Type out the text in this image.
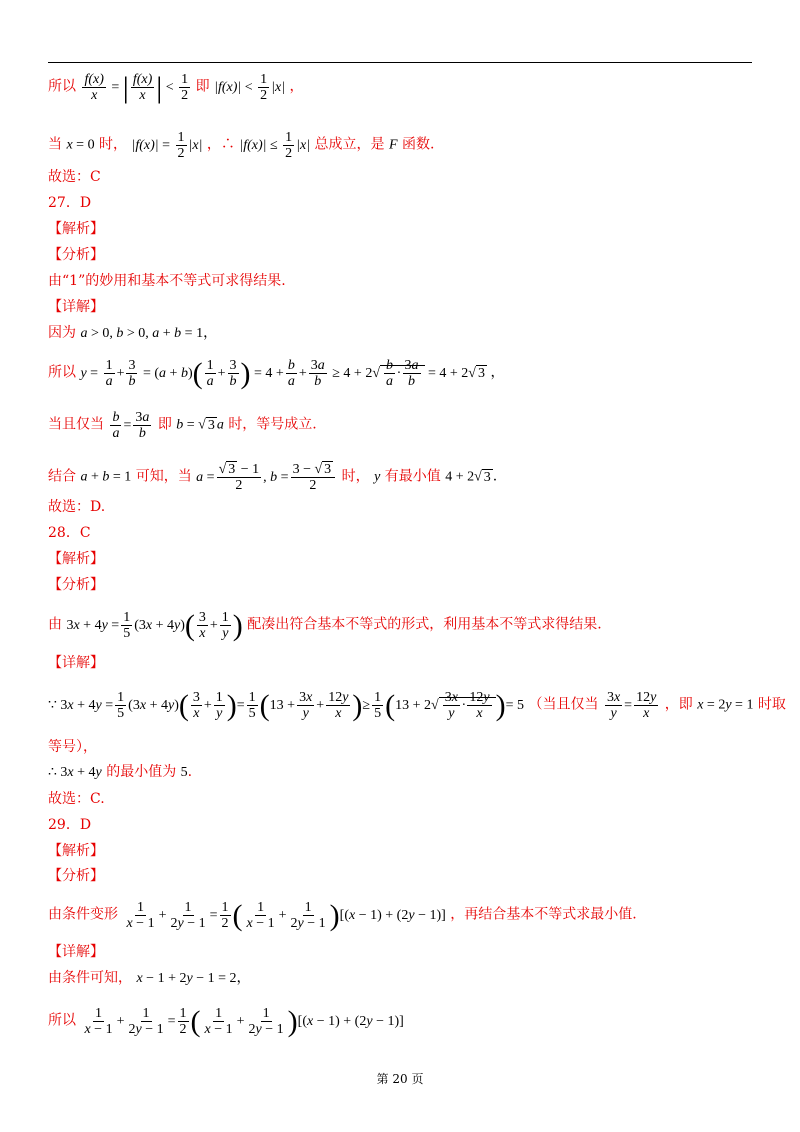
所以 $\frac{f(x)}{x}$ = | $\frac{f(x)}{x}$ | < $\frac{1}{2}$ 即 $|f(x)| < \frac{1}{2} |x|$ ，
当 x = 0 时， $|f(x)| = \frac{1}{2} |x|$ ，∴ $|f(x)| \le \frac{1}{2} |x|$ 总成立，是 F 函数.
故选：C
27．D
【解析】
【分析】
由“1”的妙用和基本不等式可求得结果.
【详解】
因为 a > 0, b > 0, a + b = 1，
所以 $y = \frac{1}{a} + \frac{3}{b} = (a + b)( \frac{1}{a} + \frac{3}{b}$ ) = $4 + \frac{b}{a} + \frac{3a}{b} \ge 4 + 2√ \frac{b}{a} \cdot \frac{3a}{b} = 4 + 2√$ 3 ，
当且仅当 $\frac{b}{a} = \frac{3a}{b}$ 即 b = √ 3 a 时，等号成立.
结合 a + b = 1 可知，当 $a = \frac{√ 3 - 1}{2}$ , $b = \frac{3 - √ 3}{2}$ 时， y 有最小值 4 + 2√ 3 .
故选：D.
28．C
【解析】
【分析】
由 $3x + 4y = \frac{1}{5} (3x + 4y)( \frac{3}{x} + \frac{1}{y}$ ) 配凑出符合基本不等式的形式，利用基本不等式求得结果.
【详解】
∵ $3x + 4y = \frac{1}{5} (3x + 4y)( \frac{3}{x} + \frac{1}{y}$ )= $\frac{1}{5} (13 + \frac{3x}{y} + \frac{12y}{x}$ )≥ $\frac{1}{5} (13 + 2√ \frac{3x}{y} \cdot \frac{12y}{x}$ )= 5 （当且仅当 $\frac{3x}{y} = \frac{12y}{x}$ ，即 x = 2y = 1 时取
等号），
∴ 3x + 4y 的最小值为 5.
故选：C.
29．D
【解析】
【分析】
由条件变形 $\frac{1}{x - 1} + \frac{1}{2y - 1} = \frac{1}{2}$ ( $\frac{1}{x - 1} + \frac{1}{2y - 1} )[(x - 1) + (2y - 1)]$ ，再结合基本不等式求最小值.
【详解】
由条件可知， x − 1 + 2y − 1 = 2，
所以 $\frac{1}{x - 1} + \frac{1}{2y - 1} = \frac{1}{2}$ ( $\frac{1}{x - 1} + \frac{1}{2y - 1} )[(x - 1) + (2y - 1)]$
第 20 页
